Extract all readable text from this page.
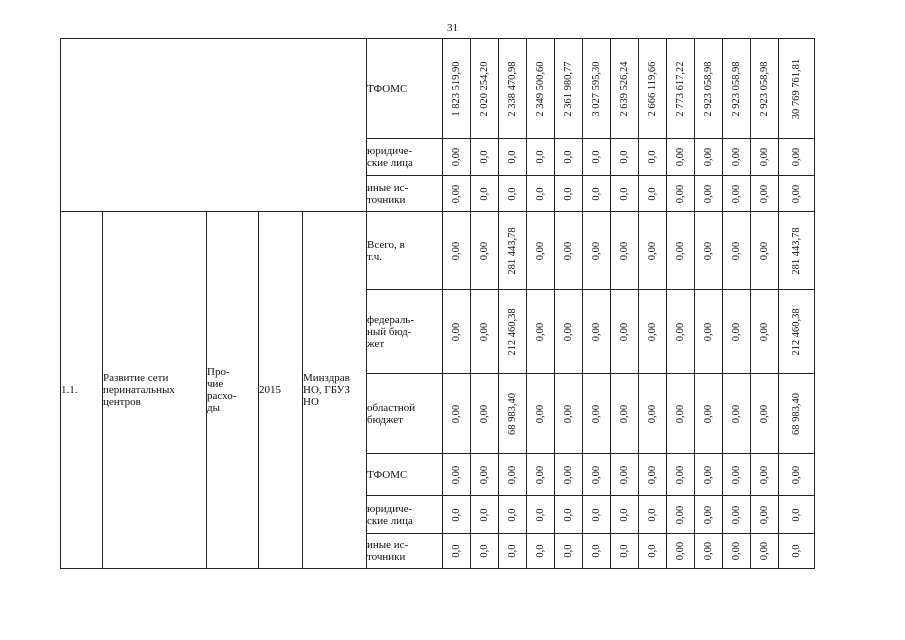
31
					ТФОМС	1 823 519,90	2 020 254,20	2 338 470,98	2 349 500,60	2 361 980,77	3 027 595,30	2 639 526,24	2 666 119,66	2 773 617,22	2 923 058,98	2 923 058,98	2 923 058,98	30 769 761,81

					юридиче-
ские лица	0,00	0,0	0,0	0,0	0,0	0,0	0,0	0,0	0,00	0,00	0,00	0,00	0,00

					иные ис-
точники	0,00	0,0	0,0	0,0	0,0	0,0	0,0	0,0	0,00	0,00	0,00	0,00	0,00

1.1.	Развитие сети перинатальных центров	Про-
чие
расхо-
ды	2015	Минздрав НО, ГБУЗ НО	Всего, в
т.ч.	0,00	0,00	281 443,78	0,00	0,00	0,00	0,00	0,00	0,00	0,00	0,00	0,00	281 443,78

					федераль-
ный бюд-
жет	0,00	0,00	212 460,38	0,00	0,00	0,00	0,00	0,00	0,00	0,00	0,00	0,00	212 460,38

					областной
бюджет	0,00	0,00	68 983,40	0,00	0,00	0,00	0,00	0,00	0,00	0,00	0,00	0,00	68 983,40

					ТФОМС	0,00	0,00	0,00	0,00	0,00	0,00	0,00	0,00	0,00	0,00	0,00	0,00	0,00

					юридиче-
ские лица	0,0	0,0	0,0	0,0	0,0	0,0	0,0	0,0	0,00	0,00	0,00	0,00	0,0

					иные ис-
точники	0,0	0,0	0,0	0,0	0,0	0,0	0,0	0,0	0,00	0,00	0,00	0,00	0,0
